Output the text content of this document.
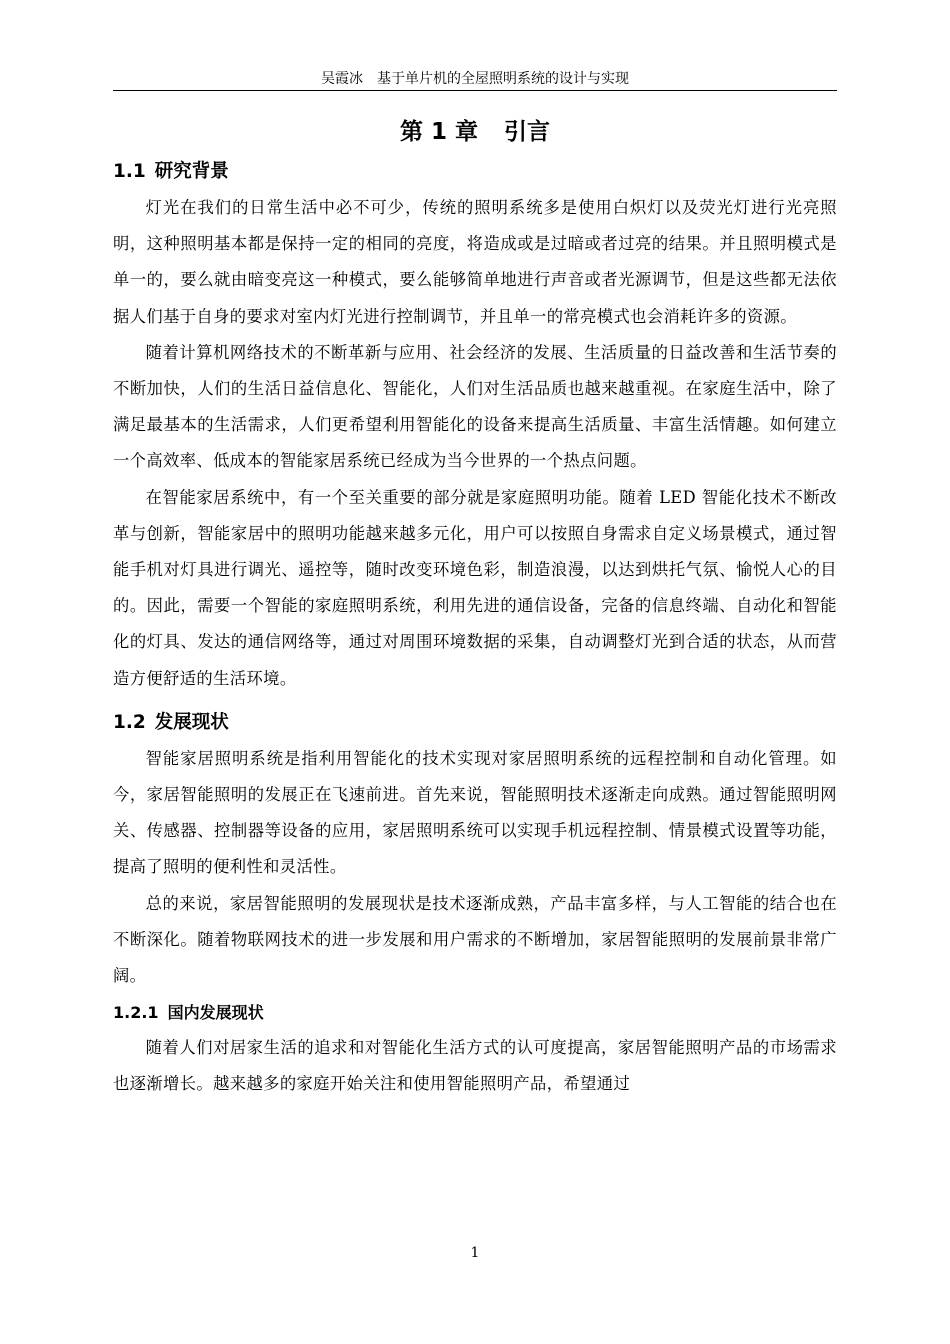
吴霞冰　基于单片机的全屋照明系统的设计与实现
第 1 章 引言
1.1 研究背景

灯光在我们的日常生活中必不可少，传统的照明系统多是使用白炽灯以及荧光灯进行光亮照明，这种照明基本都是保持一定的相同的亮度，将造成或是过暗或者过亮的结果。并且照明模式是单一的，要么就由暗变亮这一种模式，要么能够简单地进行声音或者光源调节，但是这些都无法依据人们基于自身的要求对室内灯光进行控制调节，并且单一的常亮模式也会消耗许多的资源。

随着计算机网络技术的不断革新与应用、社会经济的发展、生活质量的日益改善和生活节奏的不断加快，人们的生活日益信息化、智能化，人们对生活品质也越来越重视。在家庭生活中，除了满足最基本的生活需求，人们更希望利用智能化的设备来提高生活质量、丰富生活情趣。如何建立一个高效率、低成本的智能家居系统已经成为当今世界的一个热点问题。

在智能家居系统中，有一个至关重要的部分就是家庭照明功能。随着 LED 智能化技术不断改革与创新，智能家居中的照明功能越来越多元化，用户可以按照自身需求自定义场景模式，通过智能手机对灯具进行调光、遥控等，随时改变环境色彩，制造浪漫，以达到烘托气氛、愉悦人心的目的。因此，需要一个智能的家庭照明系统，利用先进的通信设备，完备的信息终端、自动化和智能化的灯具、发达的通信网络等，通过对周围环境数据的采集，自动调整灯光到合适的状态，从而营造方便舒适的生活环境。

1.2 发展现状

智能家居照明系统是指利用智能化的技术实现对家居照明系统的远程控制和自动化管理。如今，家居智能照明的发展正在飞速前进。首先来说，智能照明技术逐渐走向成熟。通过智能照明网关、传感器、控制器等设备的应用，家居照明系统可以实现手机远程控制、情景模式设置等功能，提高了照明的便利性和灵活性。

总的来说，家居智能照明的发展现状是技术逐渐成熟，产品丰富多样，与人工智能的结合也在不断深化。随着物联网技术的进一步发展和用户需求的不断增加，家居智能照明的发展前景非常广阔。

1.2.1 国内发展现状

随着人们对居家生活的追求和对智能化生活方式的认可度提高，家居智能照明产品的市场需求也逐渐增长。越来越多的家庭开始关注和使用智能照明产品，希望通过

1
